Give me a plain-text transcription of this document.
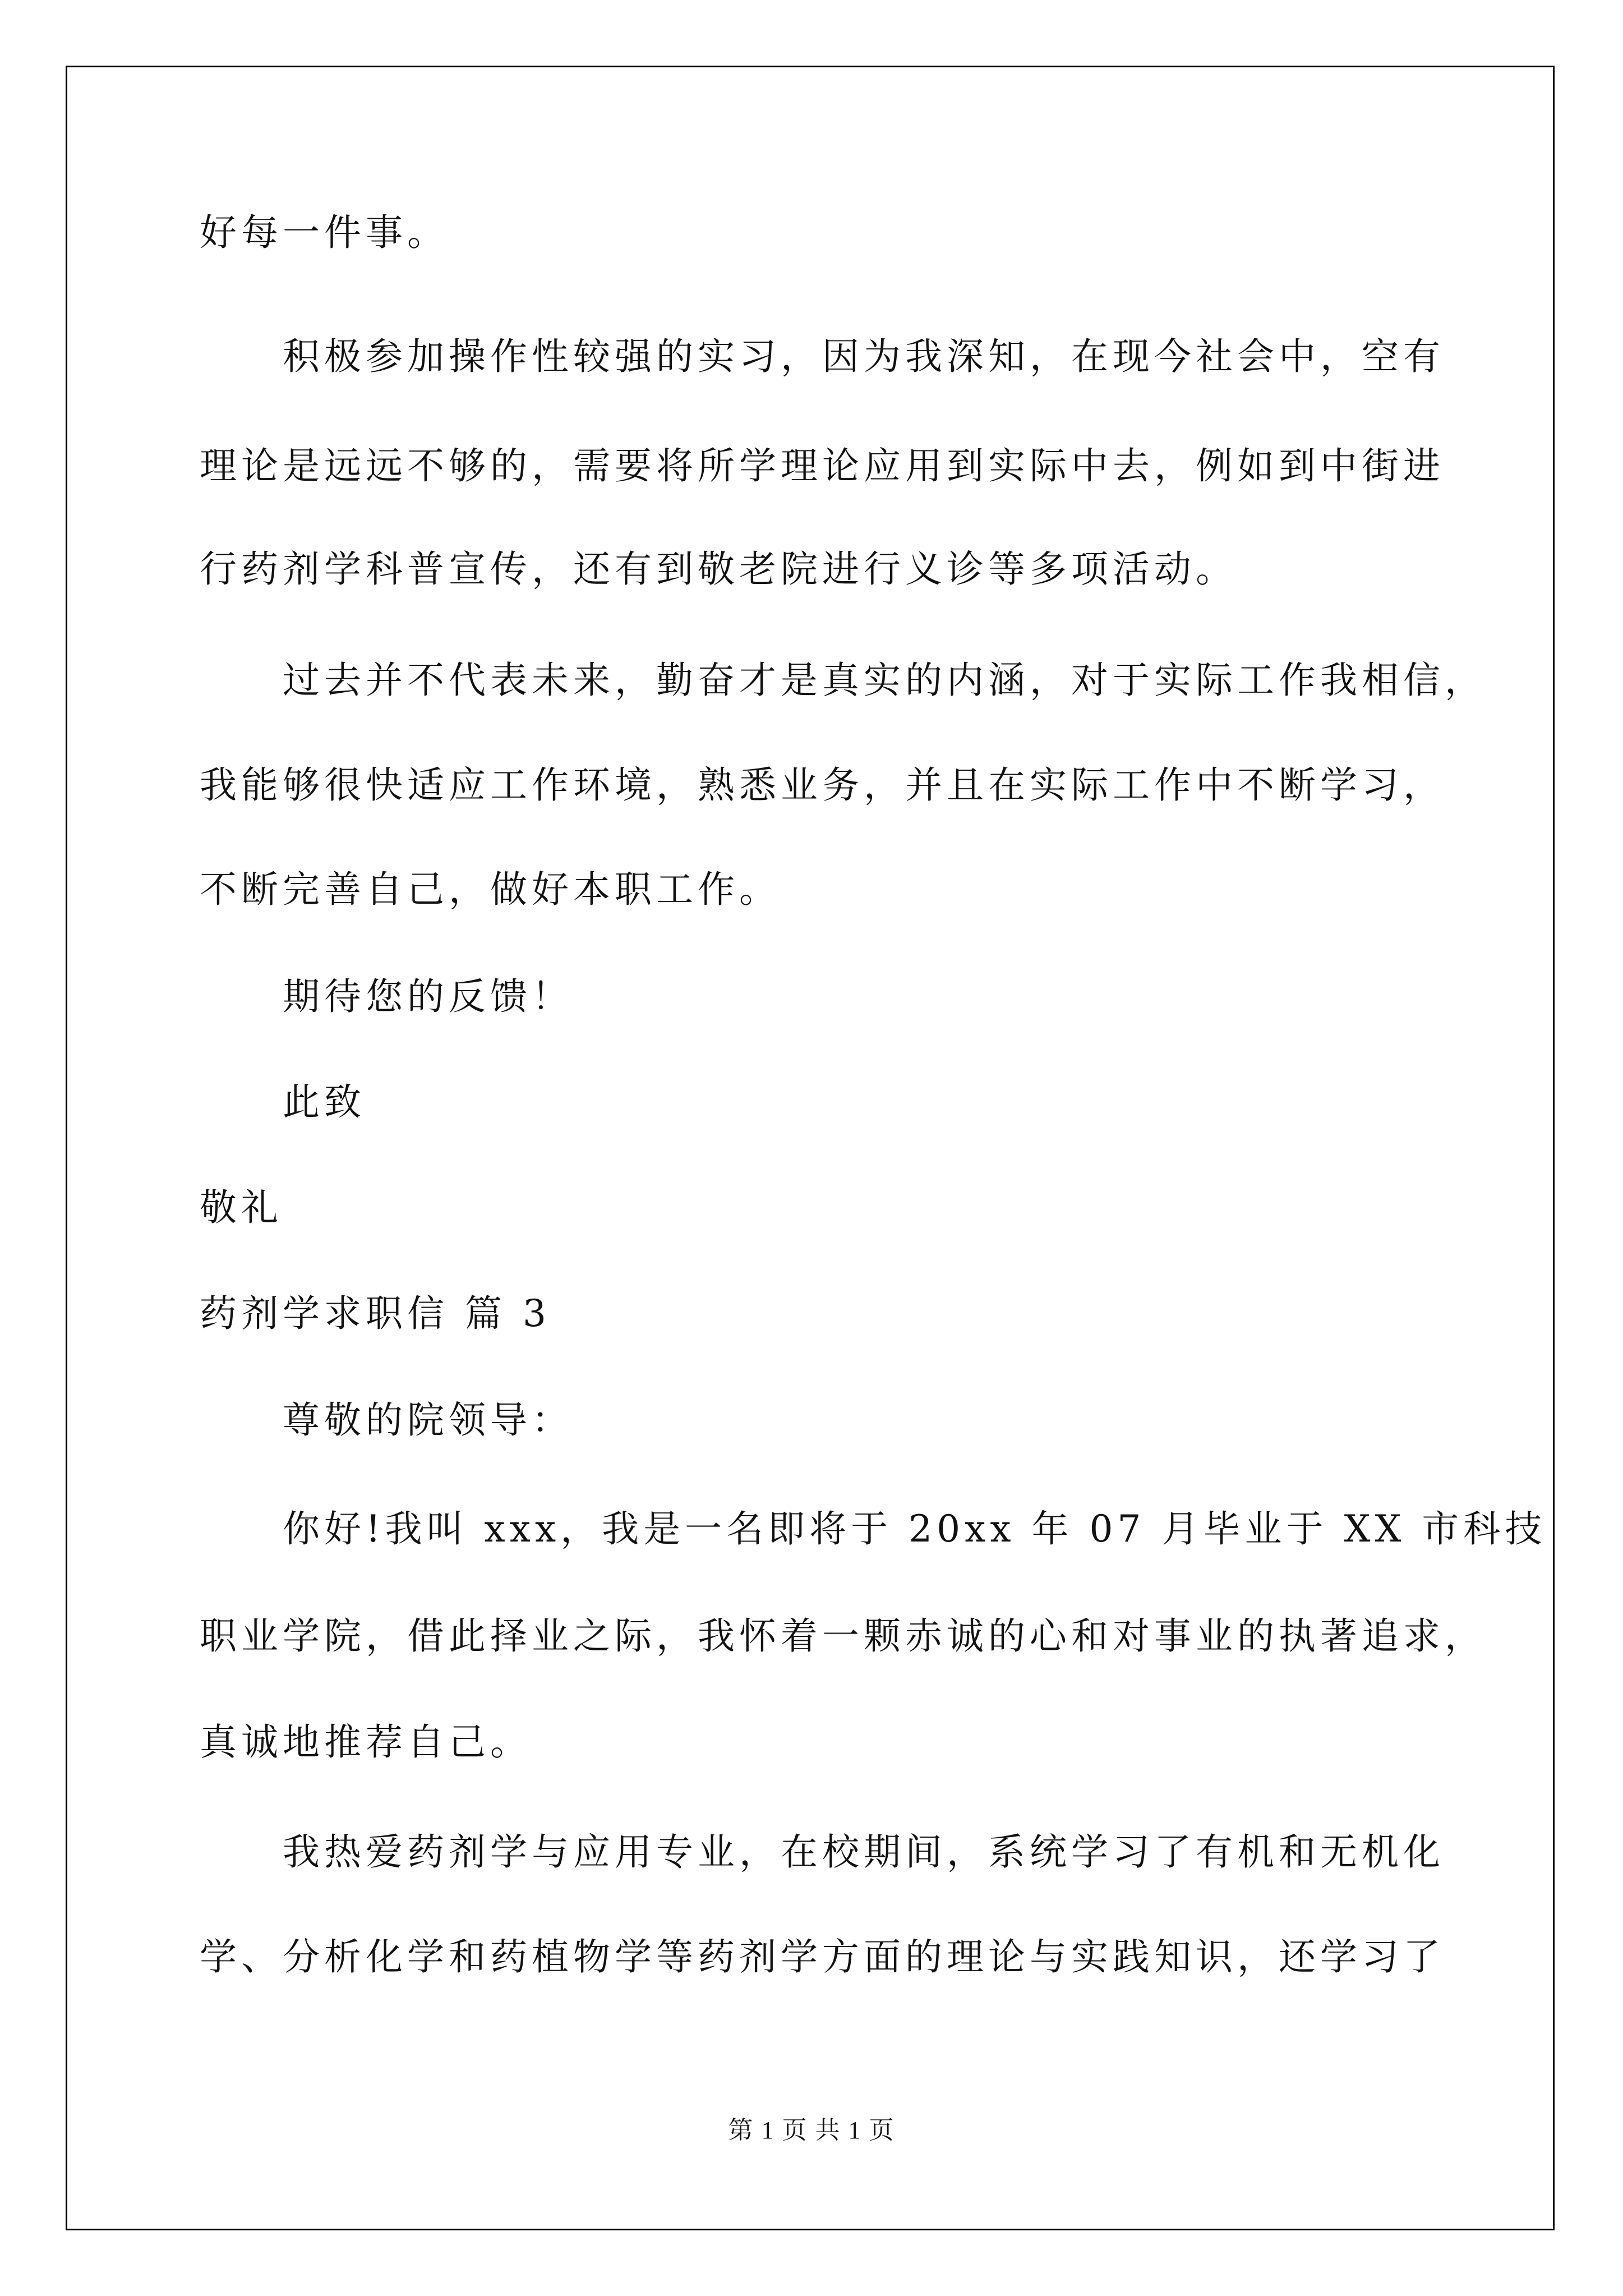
好每一件事。
积极参加操作性较强的实习，因为我深知，在现今社会中，空有
理论是远远不够的，需要将所学理论应用到实际中去，例如到中街进
行药剂学科普宣传，还有到敬老院进行义诊等多项活动。
过去并不代表未来，勤奋才是真实的内涵，对于实际工作我相信，
我能够很快适应工作环境，熟悉业务，并且在实际工作中不断学习，
不断完善自己，做好本职工作。
期待您的反馈！
此致
敬礼
药剂学求职信 篇 3
尊敬的院领导：
你好!我叫 xxx，我是一名即将于 20xx 年 07 月毕业于 XX 市科技
职业学院，借此择业之际，我怀着一颗赤诚的心和对事业的执著追求，
真诚地推荐自己。
我热爱药剂学与应用专业，在校期间，系统学习了有机和无机化
学、分析化学和药植物学等药剂学方面的理论与实践知识，还学习了
第 1 页 共 1 页
